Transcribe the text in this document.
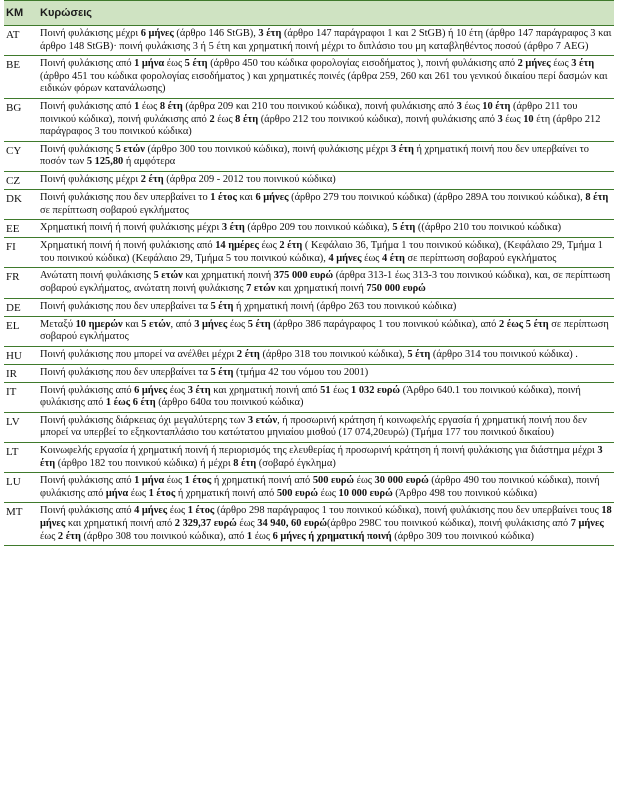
ΚΜ	Κυρώσεις
AT	Ποινή φυλάκισης μέχρι 6 μήνες (άρθρο 146 StGB), 3 έτη (άρθρο 147 παράγραφοι 1 και 2 StGB) ή 10 έτη (άρθρο 147 παράγραφος 3 και άρθρο 148 StGB)· ποινή φυλάκισης 3 ή 5 έτη και χρηματική ποινή μέχρι το διπλάσιο του μη καταβληθέντος ποσού (άρθρο 7 AEG)
BE	Ποινή φυλάκισης από 1 μήνα έως 5 έτη (άρθρο 450 του κώδικα φορολογίας εισοδήματος ), ποινή φυλάκισης από 2 μήνες έως 3 έτη (άρθρο 451 του κώδικα φορολογίας εισοδήματος ) και χρηματικές ποινές (άρθρα 259, 260 και 261 του γενικού δικαίου περί δασμών και ειδικών φόρων κατανάλωσης)
BG	Ποινή φυλάκισης από 1 έως 8 έτη (άρθρα 209 και 210 του ποινικού κώδικα), ποινή φυλάκισης από 3 έως 10 έτη (άρθρο 211 του ποινικού κώδικα), ποινή φυλάκισης από 2 έως 8 έτη (άρθρο 212 του ποινικού κώδικα), ποινή φυλάκισης από 3 έως 10 έτη (άρθρο 212 παράγραφος 3 του ποινικού κώδικα)
CY	Ποινή φυλάκισης 5 ετών (άρθρο 300 του ποινικού κώδικα), ποινή φυλάκισης μέχρι 3 έτη ή χρηματική ποινή που δεν υπερβαίνει το ποσόν των 5 125,80 ή αμφότερα
CZ	Ποινή φυλάκισης μέχρι 2 έτη (άρθρα 209 - 2012 του ποινικού κώδικα)
DK	Ποινή φυλάκισης που δεν υπερβαίνει το 1 έτος και 6 μήνες (άρθρο 279 του ποινικού κώδικα) (άρθρο 289Α του ποινικού κώδικα), 8 έτη σε περίπτωση σοβαρού εγκλήματος
EE	Χρηματική ποινή ή ποινή φυλάκισης μέχρι 3 έτη (άρθρο 209 του ποινικού κώδικα), 5 έτη ((άρθρο 210 του ποινικού κώδικα)
FI	Χρηματική ποινή ή ποινή φυλάκισης από 14 ημέρες έως 2 έτη ( Κεφάλαιο 36, Τμήμα 1 του ποινικού κώδικα), (Κεφάλαιο 29, Τμήμα 1 του ποινικού κώδικα) (Κεφάλαιο 29, Τμήμα 5 του ποινικού κώδικα), 4 μήνες έως 4 έτη σε περίπτωση σοβαρού εγκλήματος
FR	Ανώτατη ποινή φυλάκισης 5 ετών και χρηματική ποινή 375 000 ευρώ (άρθρα 313-1 έως 313-3 του ποινικού κώδικα), και, σε περίπτωση σοβαρού εγκλήματος, ανώτατη ποινή φυλάκισης 7 ετών και χρηματική ποινή 750 000 ευρώ
DE	Ποινή φυλάκισης που δεν υπερβαίνει τα 5 έτη ή χρηματική ποινή (άρθρο 263 του ποινικού κώδικα)
EL	Μεταξύ 10 ημερών και 5 ετών, από 3 μήνες έως 5 έτη (άρθρο 386 παράγραφος 1 του ποινικού κώδικα), από 2 έως 5 έτη σε περίπτωση σοβαρού εγκλήματος
HU	Ποινή φυλάκισης που μπορεί να ανέλθει μέχρι 2 έτη (άρθρο 318 του ποινικού κώδικα), 5 έτη (άρθρο 314 του ποινικού κώδικα) .
IR	Ποινή φυλάκισης που δεν υπερβαίνει τα 5 έτη (τμήμα 42 του νόμου του 2001)
IT	Ποινή φυλάκισης από 6 μήνες έως 3 έτη και χρηματική ποινή από 51 έως 1 032 ευρώ (Άρθρο 640.1 του ποινικού κώδικα), ποινή φυλάκισης από 1 έως 6 έτη (άρθρο 640α του ποινικού κώδικα)
LV	Ποινή φυλάκισης διάρκειας όχι μεγαλύτερης των 3 ετών, ή προσωρινή κράτηση ή κοινωφελής εργασία ή χρηματική ποινή που δεν μπορεί να υπερβεί το εξηκονταπλάσιο του κατώτατου μηνιαίου μισθού (17 074,20ευρώ) (Τμήμα 177 του ποινικού δικαίου)
LT	Κοινωφελής εργασία ή χρηματική ποινή ή περιορισμός της ελευθερίας ή προσωρινή κράτηση ή ποινή φυλάκισης για διάστημα μέχρι 3 έτη (άρθρο 182 του ποινικού κώδικα) ή μέχρι 8 έτη (σοβαρό έγκλημα)
LU	Ποινή φυλάκισης από 1 μήνα έως 1 έτος ή χρηματική ποινή από 500 ευρώ έως 30 000 ευρώ (άρθρο 490 του ποινικού κώδικα), ποινή φυλάκισης από μήνα έως 1 έτος ή χρηματική ποινή από 500 ευρώ έως 10 000 ευρώ (Άρθρο 498 του ποινικού κώδικα)
MT	Ποινή φυλάκισης από 4 μήνες έως 1 έτος (άρθρο 298 παράγραφος 1 του ποινικού κώδικα), ποινή φυλάκισης που δεν υπερβαίνει τους 18 μήνες και χρηματική ποινή από 2 329,37 ευρώ έως 34 940, 60 ευρώ(άρθρο 298C του ποινικού κώδικα), ποινή φυλάκισης από 7 μήνες έως 2 έτη (άρθρο 308 του ποινικού κώδικα), από 1 έως 6 μήνες ή χρηματική ποινή (άρθρο 309 του ποινικού κώδικα)
